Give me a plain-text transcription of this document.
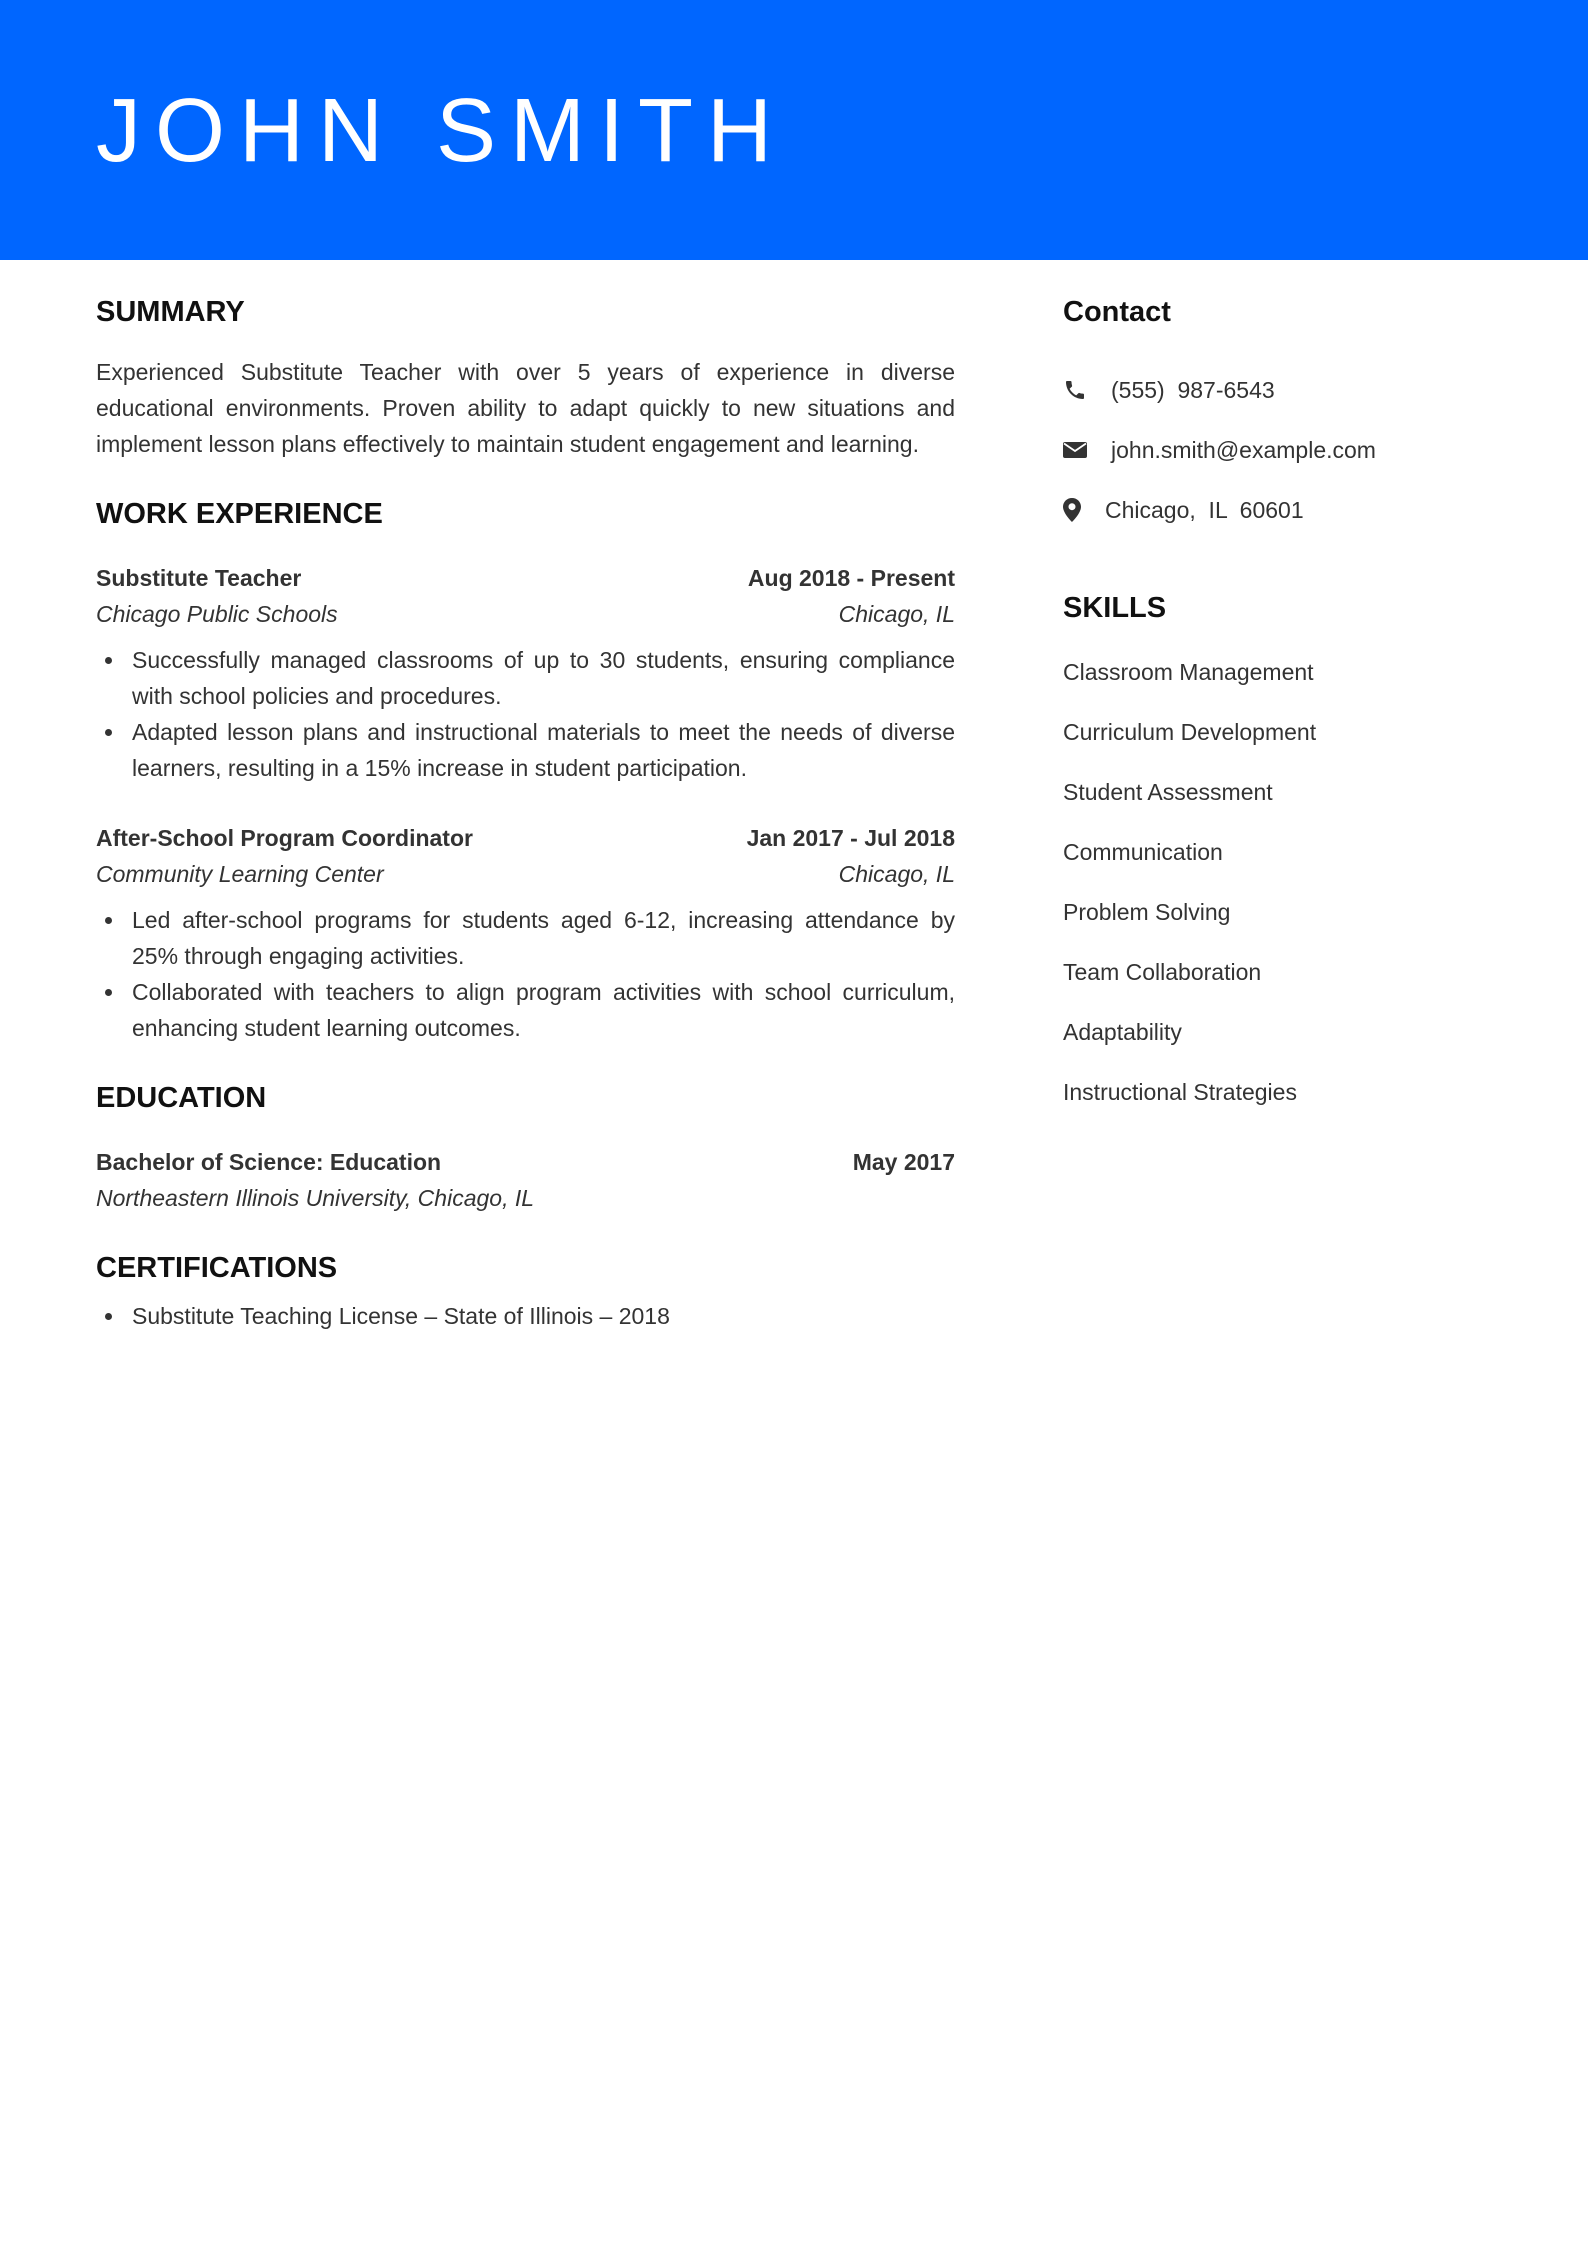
JOHN SMITH
SUMMARY

Experienced Substitute Teacher with over 5 years of experience in diverse educational environments. Proven ability to adapt quickly to new situations and implement lesson plans effectively to maintain student engagement and learning.

WORK EXPERIENCE
Substitute Teacher	Aug 2018 - Present
Chicago Public Schools	Chicago, IL
Successfully managed classrooms of up to 30 students, ensuring compliance with school policies and procedures.
Adapted lesson plans and instructional materials to meet the needs of diverse learners, resulting in a 15% increase in student participation.
After-School Program Coordinator	Jan 2017 - Jul 2018
Community Learning Center	Chicago, IL
Led after-school programs for students aged 6-12, increasing attendance by 25% through engaging activities.
Collaborated with teachers to align program activities with school curriculum, enhancing student learning outcomes.
EDUCATION
Bachelor of Science: Education	May 2017
Northeastern Illinois University, Chicago, IL
CERTIFICATIONS
Substitute Teaching License – State of Illinois – 2018
Contact
(555)  987-6543
john.smith@example.com
Chicago,  IL  60601
SKILLS
Classroom Management
Curriculum Development
Student Assessment
Communication
Problem Solving
Team Collaboration
Adaptability
Instructional Strategies
